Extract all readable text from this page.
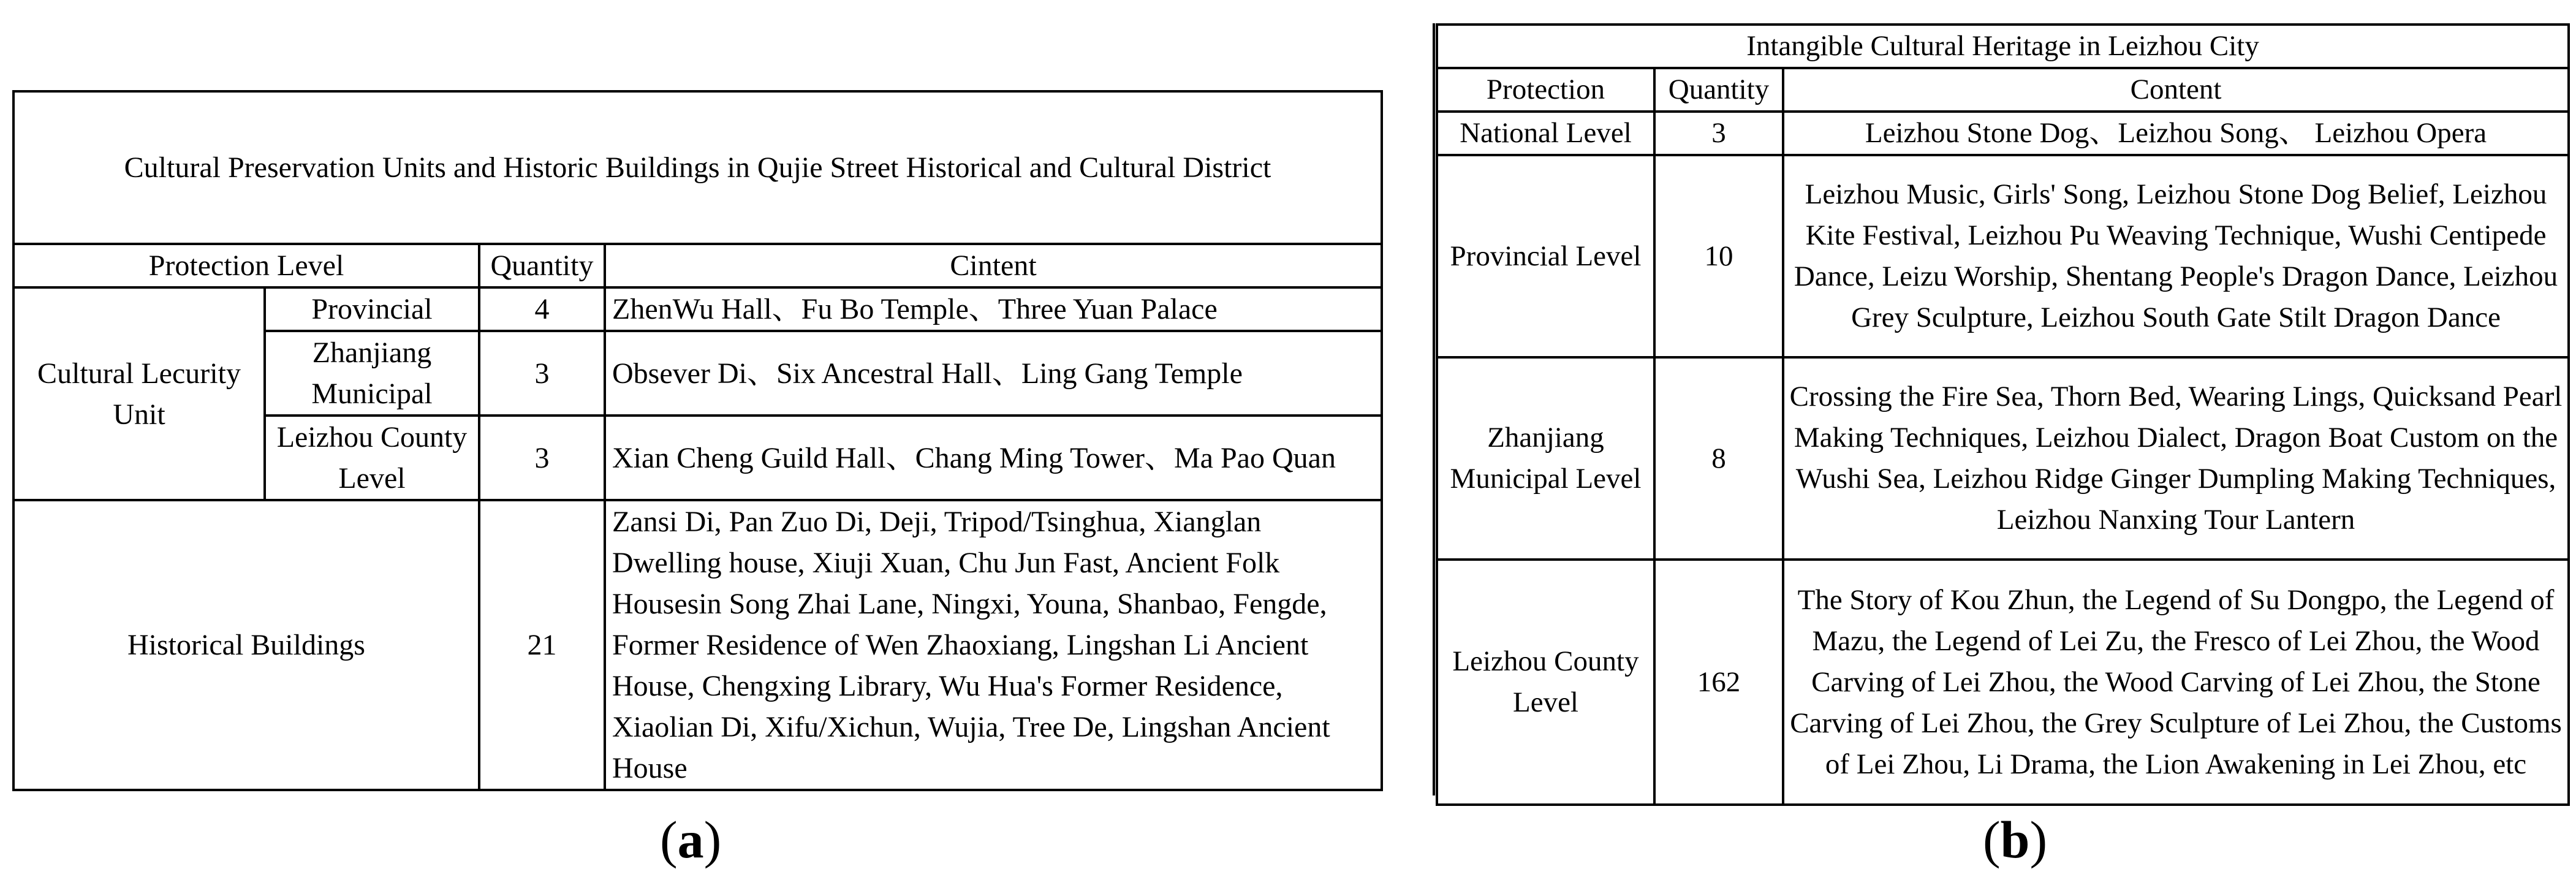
Cultural Preservation Units and Historic Buildings in Qujie Street Historical and Cultural District			
Protection Level		Quantity	Cintent
Cultural Lecurity Unit	Provincial	4	ZhenWu Hall、Fu Bo Temple、Three Yuan Palace
	Zhanjiang Municipal	3	Obsever Di、Six Ancestral Hall、Ling Gang Temple
	Leizhou County Level	3	Xian Cheng Guild Hall、Chang Ming Tower、Ma Pao Quan
Historical Buildings		21	Zansi Di, Pan Zuo Di, Deji, Tripod/Tsinghua, Xianglan Dwelling house, Xiuji Xuan, Chu Jun Fast, Ancient Folk Housesin Song Zhai Lane, Ningxi, Youna, Shanbao, Fengde, Former Residence of Wen Zhaoxiang, Lingshan Li Ancient House, Chengxing Library, Wu Hua's Former Residence, Xiaolian Di, Xifu/Xichun, Wujia, Tree De, Lingshan Ancient House
Intangible Cultural Heritage in Leizhou City		
Protection	Quantity	Content
National Level	3	Leizhou Stone Dog、Leizhou Song、 Leizhou Opera
Provincial Level	10	Leizhou Music, Girls' Song, Leizhou Stone Dog Belief, Leizhou Kite Festival, Leizhou Pu Weaving Technique, Wushi Centipede Dance, Leizu Worship, Shentang People's Dragon Dance, Leizhou Grey Sculpture, Leizhou South Gate Stilt Dragon Dance
Zhanjiang Municipal Level	8	Crossing the Fire Sea, Thorn Bed, Wearing Lings, Quicksand Pearl Making Techniques, Leizhou Dialect, Dragon Boat Custom on the Wushi Sea, Leizhou Ridge Ginger Dumpling Making Techniques, Leizhou Nanxing Tour Lantern
Leizhou County Level	162	The Story of Kou Zhun, the Legend of Su Dongpo, the Legend of Mazu, the Legend of Lei Zu, the Fresco of Lei Zhou, the Wood Carving of Lei Zhou, the Wood Carving of Lei Zhou, the Stone Carving of Lei Zhou, the Grey Sculpture of Lei Zhou, the Customs of Lei Zhou, Li Drama, the Lion Awakening in Lei Zhou, etc
(a)	(b)
